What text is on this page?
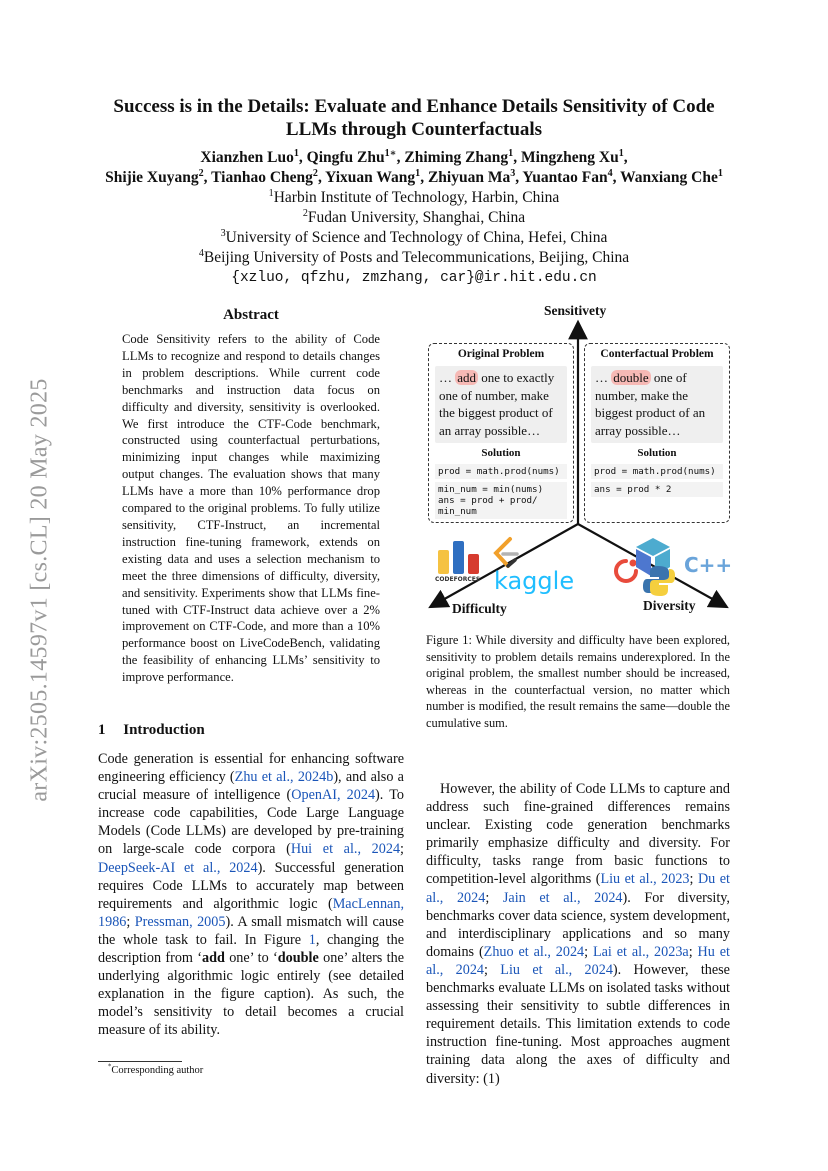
arXiv:2505.14597v1 [cs.CL] 20 May 2025
Success is in the Details: Evaluate and Enhance Details Sensitivity of Code
LLMs through Counterfactuals
Xianzhen Luo$^1$, Qingfu Zhu$^{1∗}$, Zhiming Zhang$^1$, Mingzheng Xu$^1$,
Shijie Xuyang$^2$, Tianhao Cheng$^2$, Yixuan Wang$^1$, Zhiyuan Ma$^3$, Yuantao Fan$^4$, Wanxiang Che$^1$
$^1$Harbin Institute of Technology, Harbin, China
$^2$Fudan University, Shanghai, China
$^3$University of Science and Technology of China, Hefei, China
$^4$Beijing University of Posts and Telecommunications, Beijing, China
{xzluo, qfzhu, zmzhang, car}@ir.hit.edu.cn
Abstract
Code Sensitivity refers to the ability of Code LLMs to recognize and respond to details changes in problem descriptions. While current code benchmarks and instruction data focus on difficulty and diversity, sensitivity is overlooked. We first introduce the CTF-Code benchmark, constructed using counterfactual perturbations, minimizing input changes while maximizing output changes. The evaluation shows that many LLMs have a more than 10% performance drop compared to the original problems. To fully utilize sensitivity, CTF-Instruct, an incremental instruction fine-tuning framework, extends on existing data and uses a selection mechanism to meet the three dimensions of difficulty, diversity, and sensitivity. Experiments show that LLMs fine-tuned with CTF-Instruct data achieve over a 2% improvement on CTF-Code, and more than a 10% performance boost on LiveCodeBench, validating the feasibility of enhancing LLMs’ sensitivity to improve performance.
1 Introduction
Code generation is essential for enhancing software engineering efficiency (Zhu et al., 2024b), and also a crucial measure of intelligence (OpenAI, 2024). To increase code capabilities, Code Large Language Models (Code LLMs) are developed by pre-training on large-scale code corpora (Hui et al., 2024; DeepSeek-AI et al., 2024). Successful generation requires Code LLMs to accurately map between requirements and algorithmic logic (MacLennan, 1986; Pressman, 2005). A small mismatch will cause the whole task to fail. In Figure 1, changing the description from ‘add one’ to ‘double one’ alters the underlying algorithmic logic entirely (see detailed explanation in the figure caption). As such, the model’s sensitivity to detail becomes a crucial measure of its ability.
However, the ability of Code LLMs to capture and address such fine-grained differences remains unclear. Existing code generation benchmarks primarily emphasize difficulty and diversity. For difficulty, tasks range from basic functions to competition-level algorithms (Liu et al., 2023; Du et al., 2024; Jain et al., 2024). For diversity, benchmarks cover data science, system development, and interdisciplinary applications and so many domains (Zhuo et al., 2024; Lai et al., 2023a; Hu et al., 2024; Liu et al., 2024). However, these benchmarks evaluate LLMs on isolated tasks without assessing their sensitivity to subtle differences in requirement details. This limitation extends to code instruction fine-tuning. Most approaches augment training data along the axes of difficulty and diversity: (1)
*Corresponding author
Sensitivety
Difficulty	Diversity
Original Problem
… add one to exactly one of number, make the biggest product of an array possible…
Solution
prod = math.prod(nums)
min_num = min(nums)
ans = prod + prod/
min_num
Conterfactual Problem
… double one of number, make the biggest product of an array possible…
Solution
prod = math.prod(nums)
ans = prod * 2
CODEFORCES kaggle
C++
Figure 1: While diversity and difficulty have been explored, sensitivity to problem details remains underexplored. In the original problem, the smallest number should be increased, whereas in the counterfactual version, no matter which number is modified, the result remains the same—double the cumulative sum.
